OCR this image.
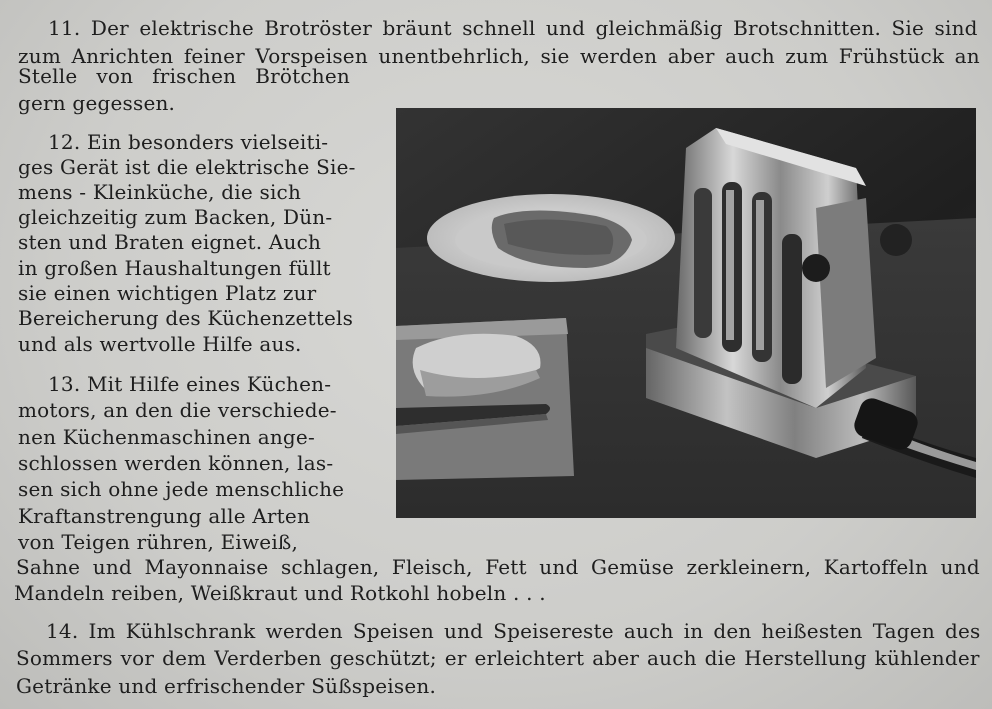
11. Der elektrische Brotröster bräunt schnell und gleichmäßig Brotschnitten. Sie sind
zum Anrichten feiner Vorspeisen unentbehrlich, sie werden aber auch zum Frühstück an
Stelle von frischen Brötchen
gern gegessen.
12. Ein besonders vielseiti-
ges Gerät ist die elektrische Sie-
mens - Kleinküche, die sich
gleichzeitig zum Backen, Dün-
sten und Braten eignet. Auch
in großen Haushaltungen füllt
sie einen wichtigen Platz zur
Bereicherung des Küchenzettels
und als wertvolle Hilfe aus.
13. Mit Hilfe eines Küchen-
motors, an den die verschiede-
nen Küchenmaschinen ange-
schlossen werden können, las-
sen sich ohne jede menschliche
Kraftanstrengung alle Arten
von Teigen rühren, Eiweiß,
Sahne und Mayonnaise schlagen, Fleisch, Fett und Gemüse zerkleinern, Kartoffeln und
Mandeln reiben, Weißkraut und Rotkohl hobeln . . .
14. Im Kühlschrank werden Speisen und Speisereste auch in den heißesten Tagen des
Sommers vor dem Verderben geschützt; er erleichtert aber auch die Herstellung kühlender
Getränke und erfrischender Süßspeisen.
